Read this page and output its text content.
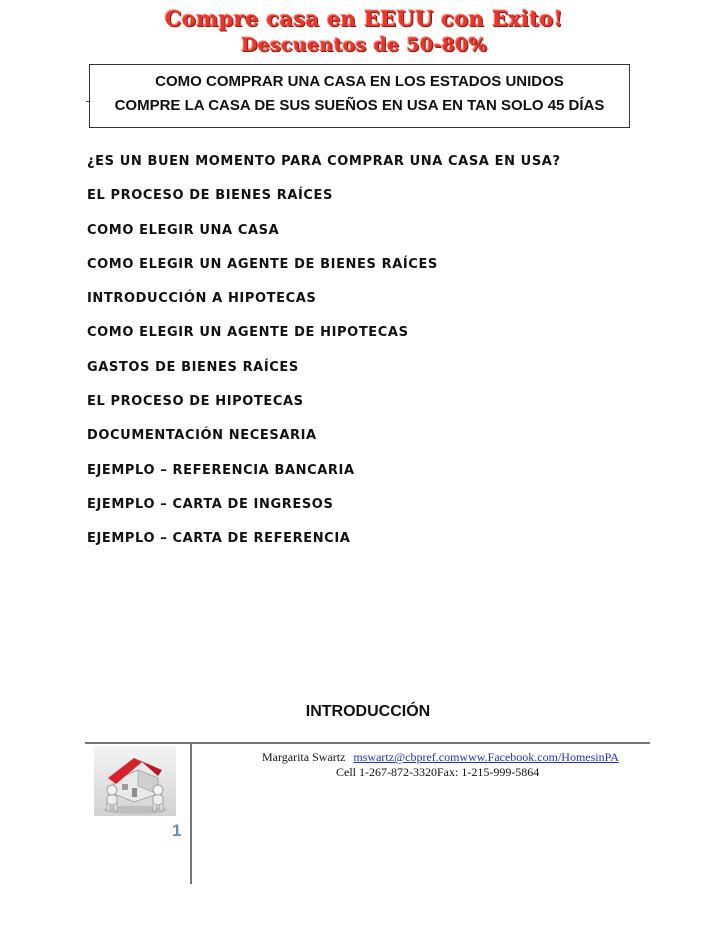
Compre casa en EEUU con Exito!
Descuentos de 50-80%
COMO COMPRAR UNA CASA EN LOS ESTADOS UNIDOS
COMPRE LA CASA DE SUS SUEÑOS EN USA EN TAN SOLO 45 DÍAS
¿ES UN BUEN MOMENTO PARA COMPRAR UNA CASA EN USA?
EL PROCESO DE BIENES RAÍCES
COMO ELEGIR UNA CASA
COMO ELEGIR UN AGENTE DE BIENES RAÍCES
INTRODUCCIÓN A HIPOTECAS
COMO ELEGIR UN AGENTE DE HIPOTECAS
GASTOS DE BIENES RAÍCES
EL PROCESO DE HIPOTECAS
DOCUMENTACIÓN NECESARIA
EJEMPLO – REFERENCIA BANCARIA
EJEMPLO – CARTA DE INGRESOS
EJEMPLO – CARTA DE REFERENCIA
INTRODUCCIÓN
1
Margarita Swartz mswartz@cbpref.comwww.Facebook.com/HomesinPA
Cell 1-267-872-3320Fax: 1-215-999-5864
